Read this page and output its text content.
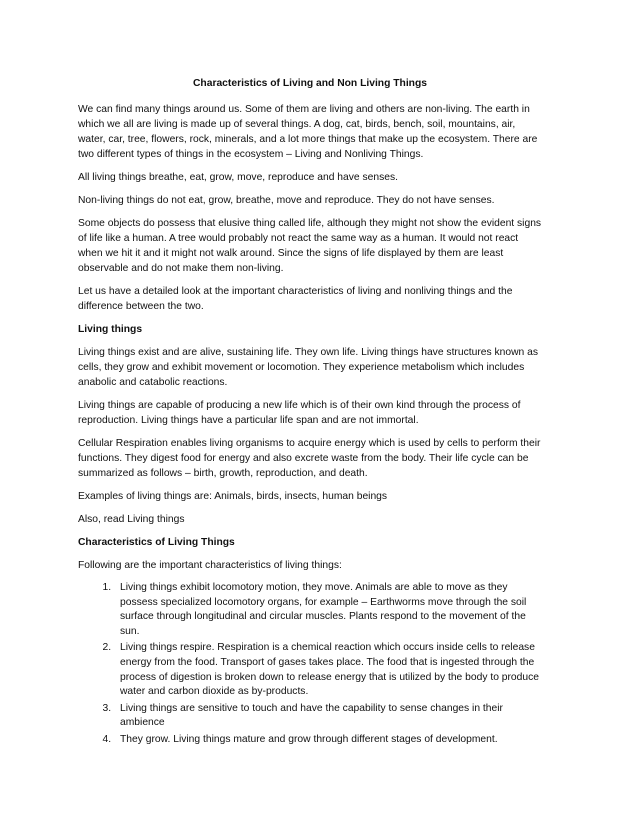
Characteristics of Living and Non Living Things

We can find many things around us. Some of them are living and others are non-living. The earth in which we all are living is made up of several things. A dog, cat, birds, bench, soil, mountains, air, water, car, tree, flowers, rock, minerals, and a lot more things that make up the ecosystem. There are two different types of things in the ecosystem – Living and Nonliving Things.

All living things breathe, eat, grow, move, reproduce and have senses.

Non-living things do not eat, grow, breathe, move and reproduce. They do not have senses.

Some objects do possess that elusive thing called life, although they might not show the evident signs of life like a human. A tree would probably not react the same way as a human. It would not react when we hit it and it might not walk around. Since the signs of life displayed by them are least observable and do not make them non-living.

Let us have a detailed look at the important characteristics of living and nonliving things and the difference between the two.

Living things

Living things exist and are alive, sustaining life. They own life. Living things have structures known as cells, they grow and exhibit movement or locomotion. They experience metabolism which includes anabolic and catabolic reactions.

Living things are capable of producing a new life which is of their own kind through the process of reproduction. Living things have a particular life span and are not immortal.

Cellular Respiration enables living organisms to acquire energy which is used by cells to perform their functions. They digest food for energy and also excrete waste from the body. Their life cycle can be summarized as follows – birth, growth, reproduction, and death.

Examples of living things are: Animals, birds, insects, human beings

Also, read Living things

Characteristics of Living Things

Following are the important characteristics of living things:

1. Living things exhibit locomotory motion, they move. Animals are able to move as they possess specialized locomotory organs, for example – Earthworms move through the soil surface through longitudinal and circular muscles. Plants respond to the movement of the sun.
2. Living things respire. Respiration is a chemical reaction which occurs inside cells to release energy from the food. Transport of gases takes place. The food that is ingested through the process of digestion is broken down to release energy that is utilized by the body to produce water and carbon dioxide as by-products.
3. Living things are sensitive to touch and have the capability to sense changes in their ambience
4. They grow. Living things mature and grow through different stages of development.
